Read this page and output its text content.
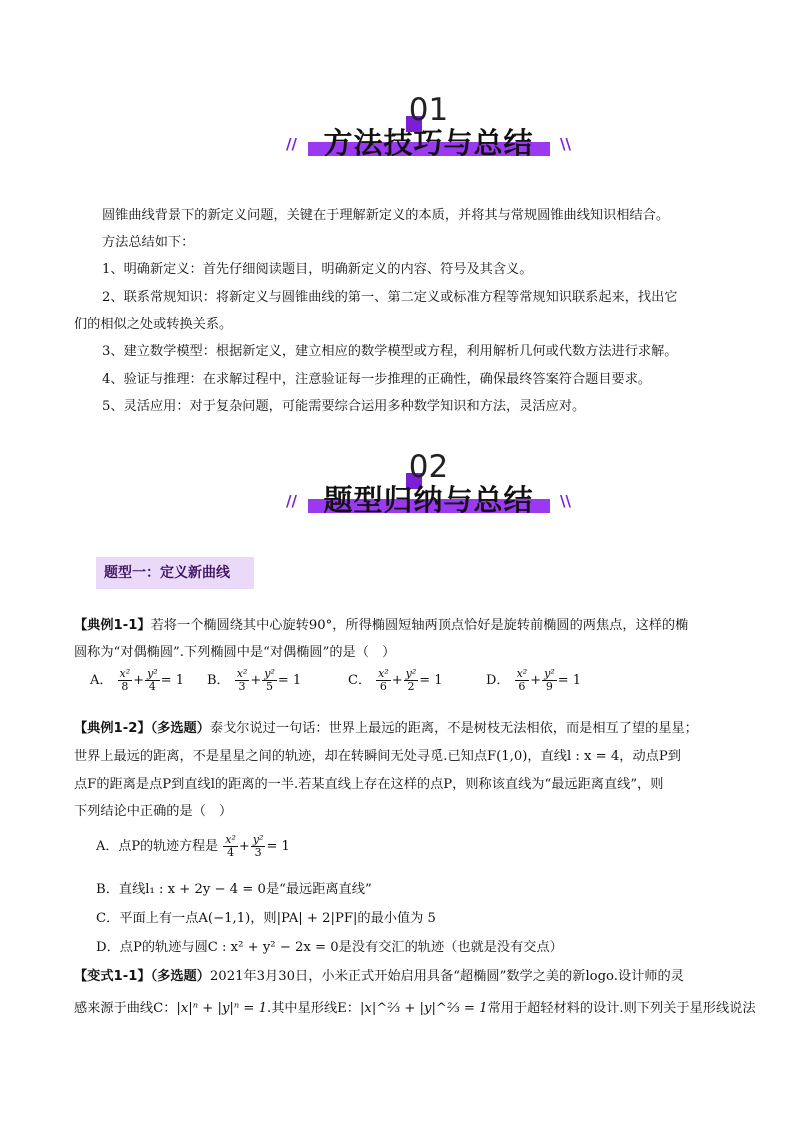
01
// 方法技巧与总结	\\
圆锥曲线背景下的新定义问题，关键在于理解新定义的本质，并将其与常规圆锥曲线知识相结合。
方法总结如下：
1、明确新定义：首先仔细阅读题目，明确新定义的内容、符号及其含义。
2、联系常规知识：将新定义与圆锥曲线的第一、第二定义或标准方程等常规知识联系起来，找出它
们的相似之处或转换关系。
3、建立数学模型：根据新定义，建立相应的数学模型或方程，利用解析几何或代数方法进行求解。
4、验证与推理：在求解过程中，注意验证每一步推理的正确性，确保最终答案符合题目要求。
5、灵活应用：对于复杂问题，可能需要综合运用多种数学知识和方法，灵活应对。
02
// 题型归纳与总结	\\
题型一：定义新曲线
【典例1-1】若将一个椭圆绕其中心旋转90°，所得椭圆短轴两顶点恰好是旋转前椭圆的两焦点，这样的椭
圆称为“对偶椭圆”.下列椭圆中是“对偶椭圆”的是（　）
A． $\frac{\text{x²}}{8} + \frac{\text{y²}}{4} = 1$ B． $\frac{\text{x²}}{3} + \frac{\text{y²}}{5} = 1$	C． $\frac{\text{x²}}{6} + \frac{\text{y²}}{2} = 1$	D． $\frac{\text{x²}}{6} + \frac{\text{y²}}{9} = 1$
【典例1-2】（多选题）泰戈尔说过一句话：世界上最远的距离，不是树枝无法相依，而是相互了望的星星；
世界上最远的距离，不是星星之间的轨迹，却在转瞬间无处寻觅.已知点F(1,0)，直线l : x = 4，动点P到
点F的距离是点P到直线l的距离的一半.若某直线上存在这样的点P，则称该直线为“最远距离直线”，则
下列结论中正确的是（　）
A．点P的轨迹方程是 $\frac{\text{x²}}{4} + \frac{\text{y²}}{3} = 1$
B．直线l₁ : x + 2y − 4 = 0是“最远距离直线”
C．平面上有一点A(−1,1)，则|PA| + 2|PF|的最小值为 5
D．点P的轨迹与圆C : x² + y² − 2x = 0是没有交汇的轨迹（也就是没有交点）
【变式1-1】（多选题）2021年3月30日，小米正式开始启用具备“超椭圆”数学之美的新logo.设计师的灵
感来源于曲线C：|x|ⁿ + |y|ⁿ = 1.其中星形线E：|x|^⅔ + |y|^⅔ = 1常用于超轻材料的设计.则下列关于星形线说法
